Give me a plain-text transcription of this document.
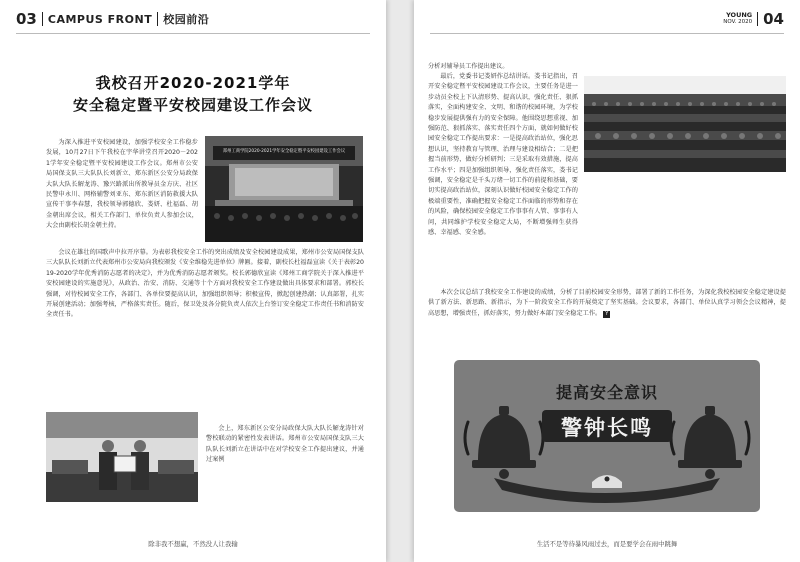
03 CAMPUS FRONT 校园前沿
我校召开2020-2021学年
安全稳定暨平安校园建设工作会议
郑州工商学院2020-2021学年安全稳定暨平安校园建设工作会议

为深入推进平安校园建设，加强学校安全工作稳步发展，10月27日下午我校在宇华讲堂召开2020－2021学年安全稳定暨平安校园建设工作会议。郑州市公安局国保支队三大队队长刘新立、郑东新区公安分局政保大队大队长解龙涛、豫兴路派出所教导员金方庆、社区民警申永川、网格辅警刘亚东、郑东新区消防救援大队宣传干事李春慧，我校领导郭德欣、娄妍、杜福磊、胡金朝出席会议，相关工作部门、单位负责人参加会议，大会由副校长胡金朝主持。

会议在雄壮的国歌声中拉开序幕。为表彰我校安全工作的突出成绩及安全校园建设成果，郑州市公安局国保支队三大队队长刘新立代表郑州市公安局向我校颁发《安全维稳先进单位》牌匾。接着，副校长杜福磊宣读《关于表彰2019-2020学年优秀消防志愿者的决定》，并为优秀消防志愿者颁奖。校长郭德欣宣读《郑州工商学院关于深入推进平安校园建设的实施意见》，从政治、治安、消防、交通等十个方面对我校安全工作建设做出具体要求和部署。郭校长强调，对待校园安全工作，各部门、各单位要提高认识，加强组织领导；积极宣传，掀起创建热潮；认真部署，扎实开展创建活动；加强考核，严格落实责任。随后，保卫处及各分院负责人依次上台签订安全稳定工作责任书和消防安全责任书。

会上，郑东新区公安分局政保大队大队长解龙涛针对警校联动的紧密性发表讲话。郑州市公安局国保支队三大队队长刘新立在讲话中在对学校安全工作提出建议，并通过案例

除非我不想赢，不然没人让我输
YOUNG
NOV. 2020 04

分析对辅导员工作提出建议。

最后，党委书记娄妍作总结讲话。娄书记指出，召开安全稳定暨平安校园建设工作会议，主要任务是进一步动员全校上下认清形势、提高认识，强化责任、狠抓落实，全面构建安全、文明、和谐的校园环境，为学校稳步发展提供强有力的安全保障。他围绕思想重视、加强防范、狠抓落实、落实责任四个方面，就如何做好校园安全稳定工作提出要求：一是提高政治站位，强化思想认识，坚持教育与管理、治理与建设相结合；二是把握当前形势，做好分析研判；三是采取有效措施，提高工作水平；四是加强组织领导，强化责任落实，娄书记强调，安全稳定是千头万绪一切工作的前提和基础，要切实提高政治站位，深刻认识做好校园安全稳定工作的极端重要性，准确把握安全稳定工作面临的形势和存在的风险，确保校园安全稳定工作事事有人管、事事有人问，共同维护学校安全稳定大局，不断增强师生获得感、幸福感、安全感。

本次会议总结了我校安全工作建设的成绩，分析了目前校园安全形势，部署了新的工作任务，为深化我校校园安全稳定建设提供了新方法、新思路、新指示，为下一阶段安全工作的开展奠定了坚实基础。会议要求，各部门、单位认真学习领会会议精神，提高思想，增强责任，抓好落实，努力做好本部门安全稳定工作。 Y

提高安全意识
警钟长鸣
生活不是等待暴风雨过去，而是要学会在雨中跳舞
